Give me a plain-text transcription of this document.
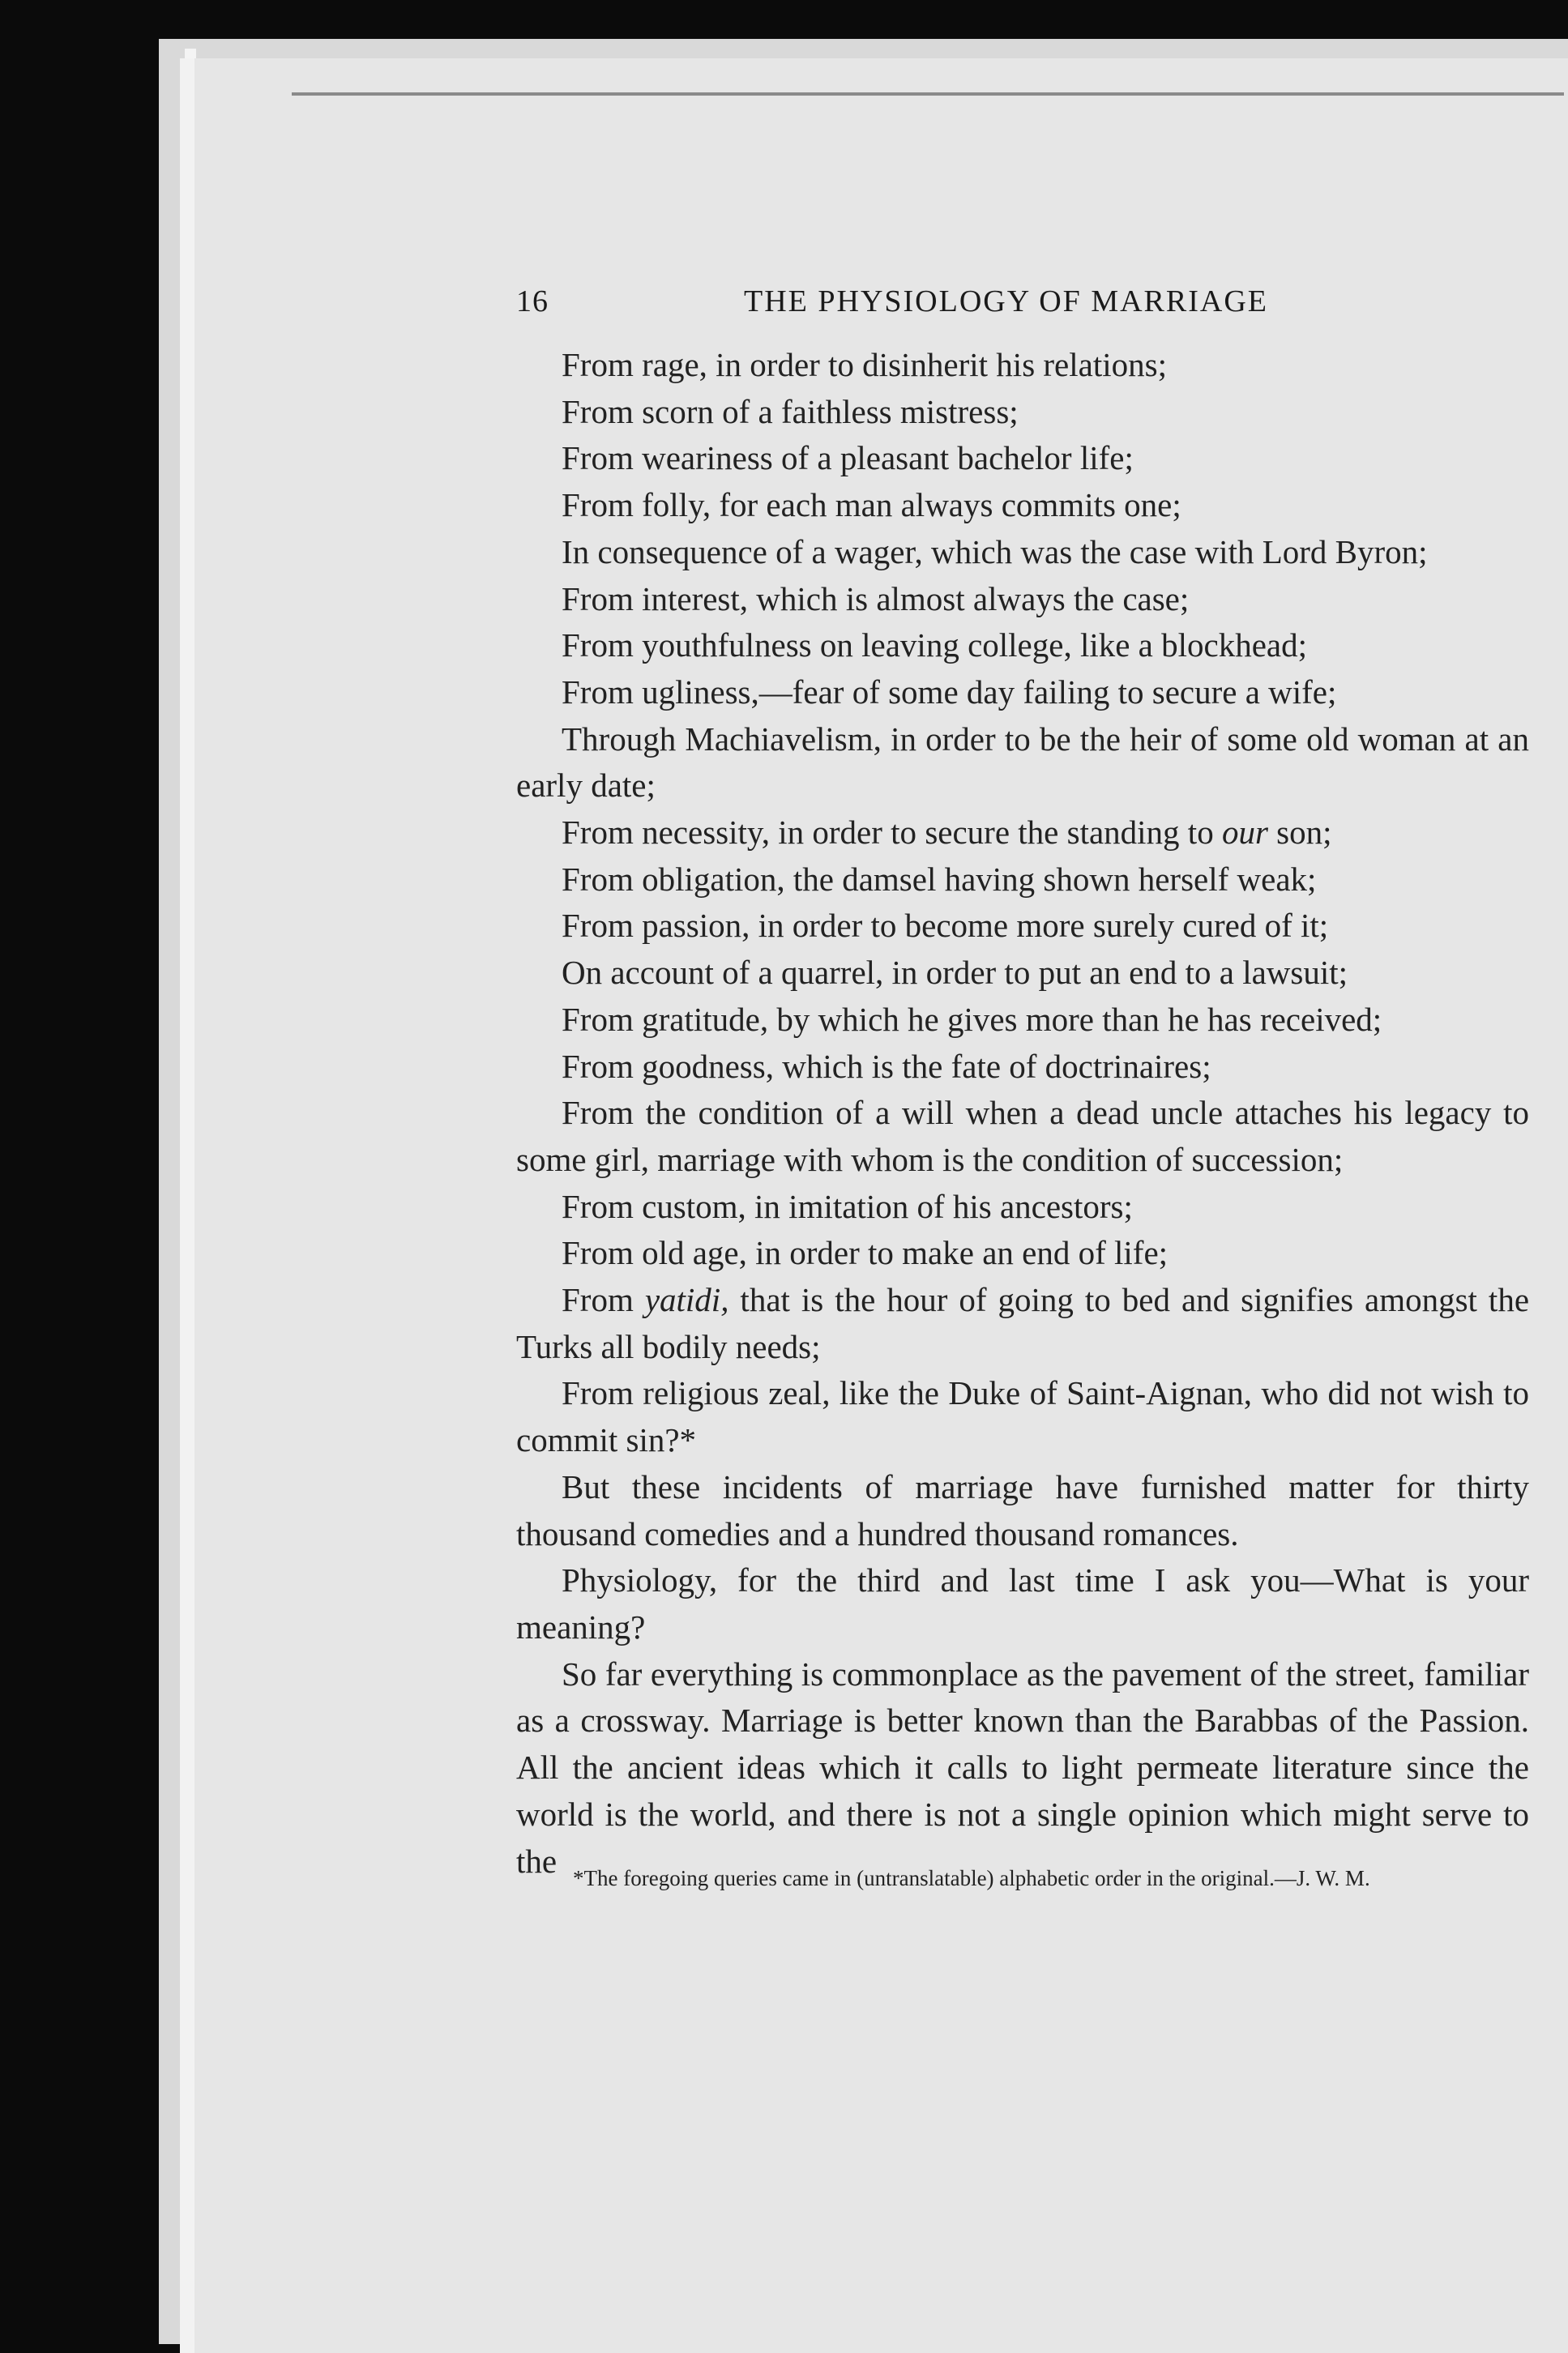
16	THE PHYSIOLOGY OF MARRIAGE

From rage, in order to disinherit his relations;

From scorn of a faithless mistress;

From weariness of a pleasant bachelor life;

From folly, for each man always commits one;

In consequence of a wager, which was the case with Lord Byron;

From interest, which is almost always the case;

From youthfulness on leaving college, like a blockhead;

From ugliness,—fear of some day failing to secure a wife;

Through Machiavelism, in order to be the heir of some old woman at an early date;

From necessity, in order to secure the standing to our son;

From obligation, the damsel having shown herself weak;

From passion, in order to become more surely cured of it;

On account of a quarrel, in order to put an end to a lawsuit;

From gratitude, by which he gives more than he has received;

From goodness, which is the fate of doctrinaires;

From the condition of a will when a dead uncle attaches his legacy to some girl, marriage with whom is the condition of succession;

From custom, in imitation of his ancestors;

From old age, in order to make an end of life;

From yatidi, that is the hour of going to bed and signifies amongst the Turks all bodily needs;

From religious zeal, like the Duke of Saint-Aignan, who did not wish to commit sin?*

But these incidents of marriage have furnished matter for thirty thousand comedies and a hundred thousand romances.

Physiology, for the third and last time I ask you—What is your meaning?

So far everything is commonplace as the pavement of the street, familiar as a crossway. Marriage is better known than the Barabbas of the Passion. All the ancient ideas which it calls to light permeate literature since the world is the world, and there is not a single opinion which might serve to the *The foregoing queries came in (untranslatable) alphabetic order in the original.—J. W. M.
